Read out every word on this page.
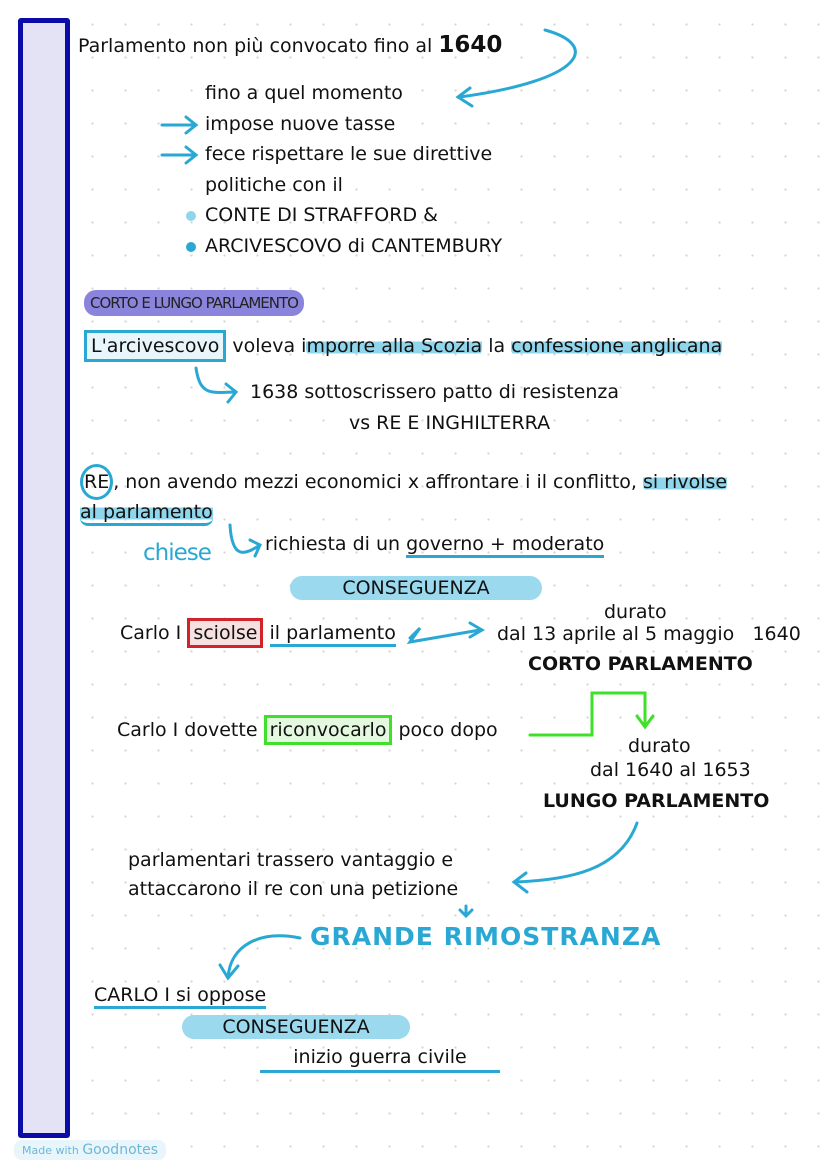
Parlamento non più convocato fino al 1640
fino a quel momento
impose nuove tasse
fece rispettare le sue direttive
politiche con il
CONTE DI STRAFFORD &
ARCIVESCOVO di CANTEMBURY
CORTO E LUNGO PARLAMENTO
L'arcivescovo voleva imporre alla Scozia la confessione anglicana
1638 sottoscrissero patto di resistenza
vs RE E INGHILTERRA
RE , non avendo mezzi economici x affrontare i il conflitto, si rivolse
al parlamento
chiese	richiesta di un governo + moderato
CONSEGUENZA
durato
Carlo I sciolse il parlamento	dal 13 aprile al 5 maggio 1640
CORTO PARLAMENTO
Carlo I dovette riconvocarlo poco dopo
durato
dal 1640 al 1653
LUNGO PARLAMENTO
parlamentari trassero vantaggio e
attaccarono il re con una petizione
GRANDE RIMOSTRANZA
CARLO I si oppose
CONSEGUENZA
inizio guerra civile
Made with Goodnotes
